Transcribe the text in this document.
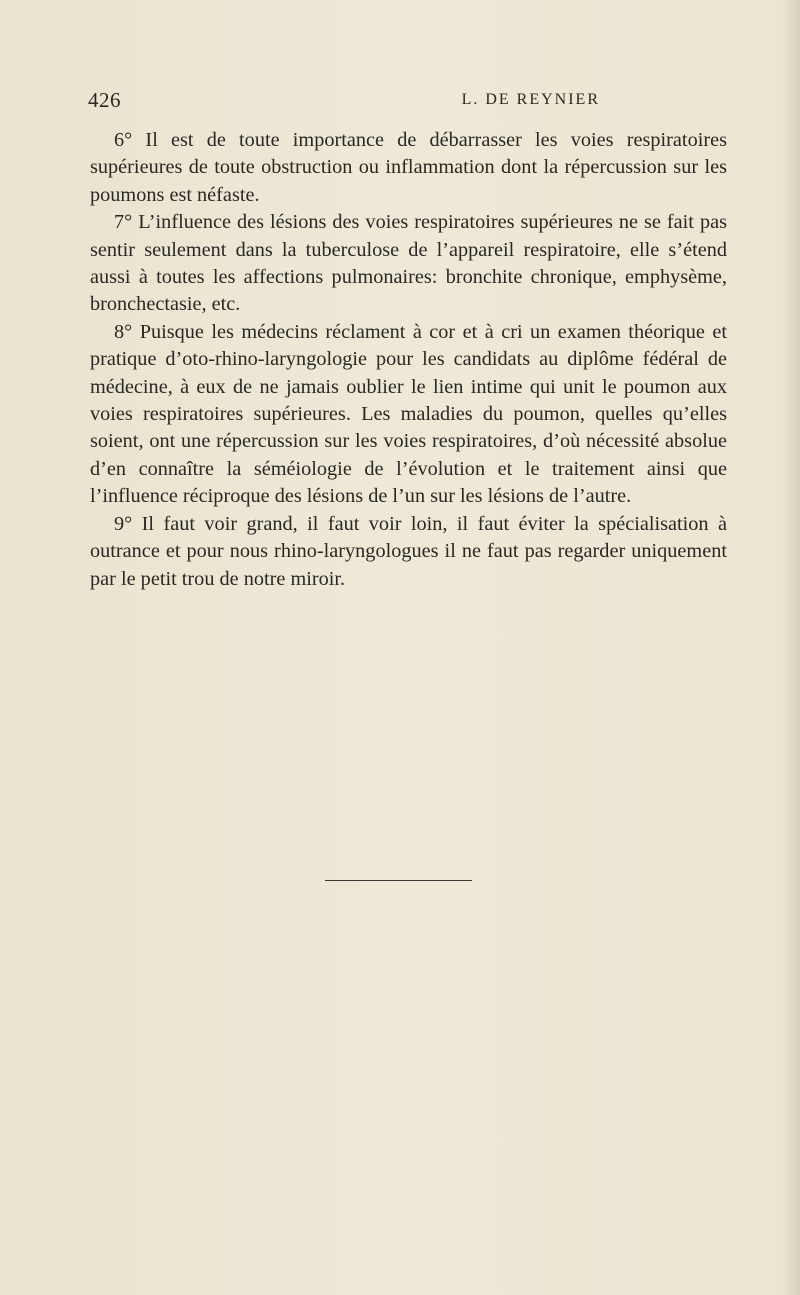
426	L. DE REYNIER

6° Il est de toute importance de débarrasser les voies respiratoires supérieures de toute obstruction ou inflammation dont la répercussion sur les poumons est néfaste.

7° L’influence des lésions des voies respiratoires supérieures ne se fait pas sentir seulement dans la tuberculose de l’appareil respiratoire, elle s’étend aussi à toutes les affections pulmonaires: bronchite chronique, emphysème, bronchectasie, etc.

8° Puisque les médecins réclament à cor et à cri un examen théorique et pratique d’oto-rhino-laryngologie pour les candidats au diplôme fédéral de médecine, à eux de ne jamais oublier le lien intime qui unit le poumon aux voies respiratoires supérieures. Les maladies du poumon, quelles qu’elles soient, ont une répercussion sur les voies respiratoires, d’où nécessité absolue d’en connaître la séméiologie de l’évolution et le traitement ainsi que l’influence réciproque des lésions de l’un sur les lésions de l’autre.

9° Il faut voir grand, il faut voir loin, il faut éviter la spécialisation à outrance et pour nous rhino-laryngologues il ne faut pas regarder uniquement par le petit trou de notre miroir.
